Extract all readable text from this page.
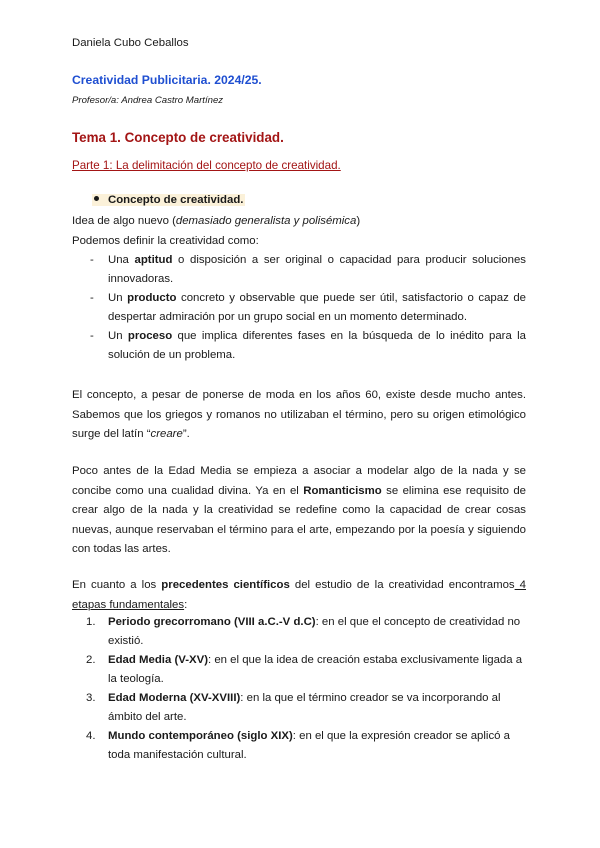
Daniela Cubo Ceballos
Creatividad Publicitaria. 2024/25.
Profesor/a: Andrea Castro Martínez
Tema 1. Concepto de creatividad.
Parte 1: La delimitación del concepto de creatividad.
Concepto de creatividad.
Idea de algo nuevo (demasiado generalista y polisémica)
Podemos definir la creatividad como:
-	Una aptitud o disposición a ser original o capacidad para producir soluciones innovadoras.
-	Un producto concreto y observable que puede ser útil, satisfactorio o capaz de despertar admiración por un grupo social en un momento determinado.
-	Un proceso que implica diferentes fases en la búsqueda de lo inédito para la solución de un problema.
El concepto, a pesar de ponerse de moda en los años 60, existe desde mucho antes. Sabemos que los griegos y romanos no utilizaban el término, pero su origen etimológico surge del latín “creare”.
Poco antes de la Edad Media se empieza a asociar a modelar algo de la nada y se concibe como una cualidad divina. Ya en el Romanticismo se elimina ese requisito de crear algo de la nada y la creatividad se redefine como la capacidad de crear cosas nuevas, aunque reservaban el término para el arte, empezando por la poesía y siguiendo con todas las artes.
En cuanto a los precedentes científicos del estudio de la creatividad encontramos 4 etapas fundamentales:
1.	Periodo grecorromano (VIII a.C.-V d.C): en el que el concepto de creatividad no existió.
2.	Edad Media (V-XV): en el que la idea de creación estaba exclusivamente ligada a la teología.
3.	Edad Moderna (XV-XVIII): en la que el término creador se va incorporando al ámbito del arte.
4.	Mundo contemporáneo (siglo XIX): en el que la expresión creador se aplicó a toda manifestación cultural.
